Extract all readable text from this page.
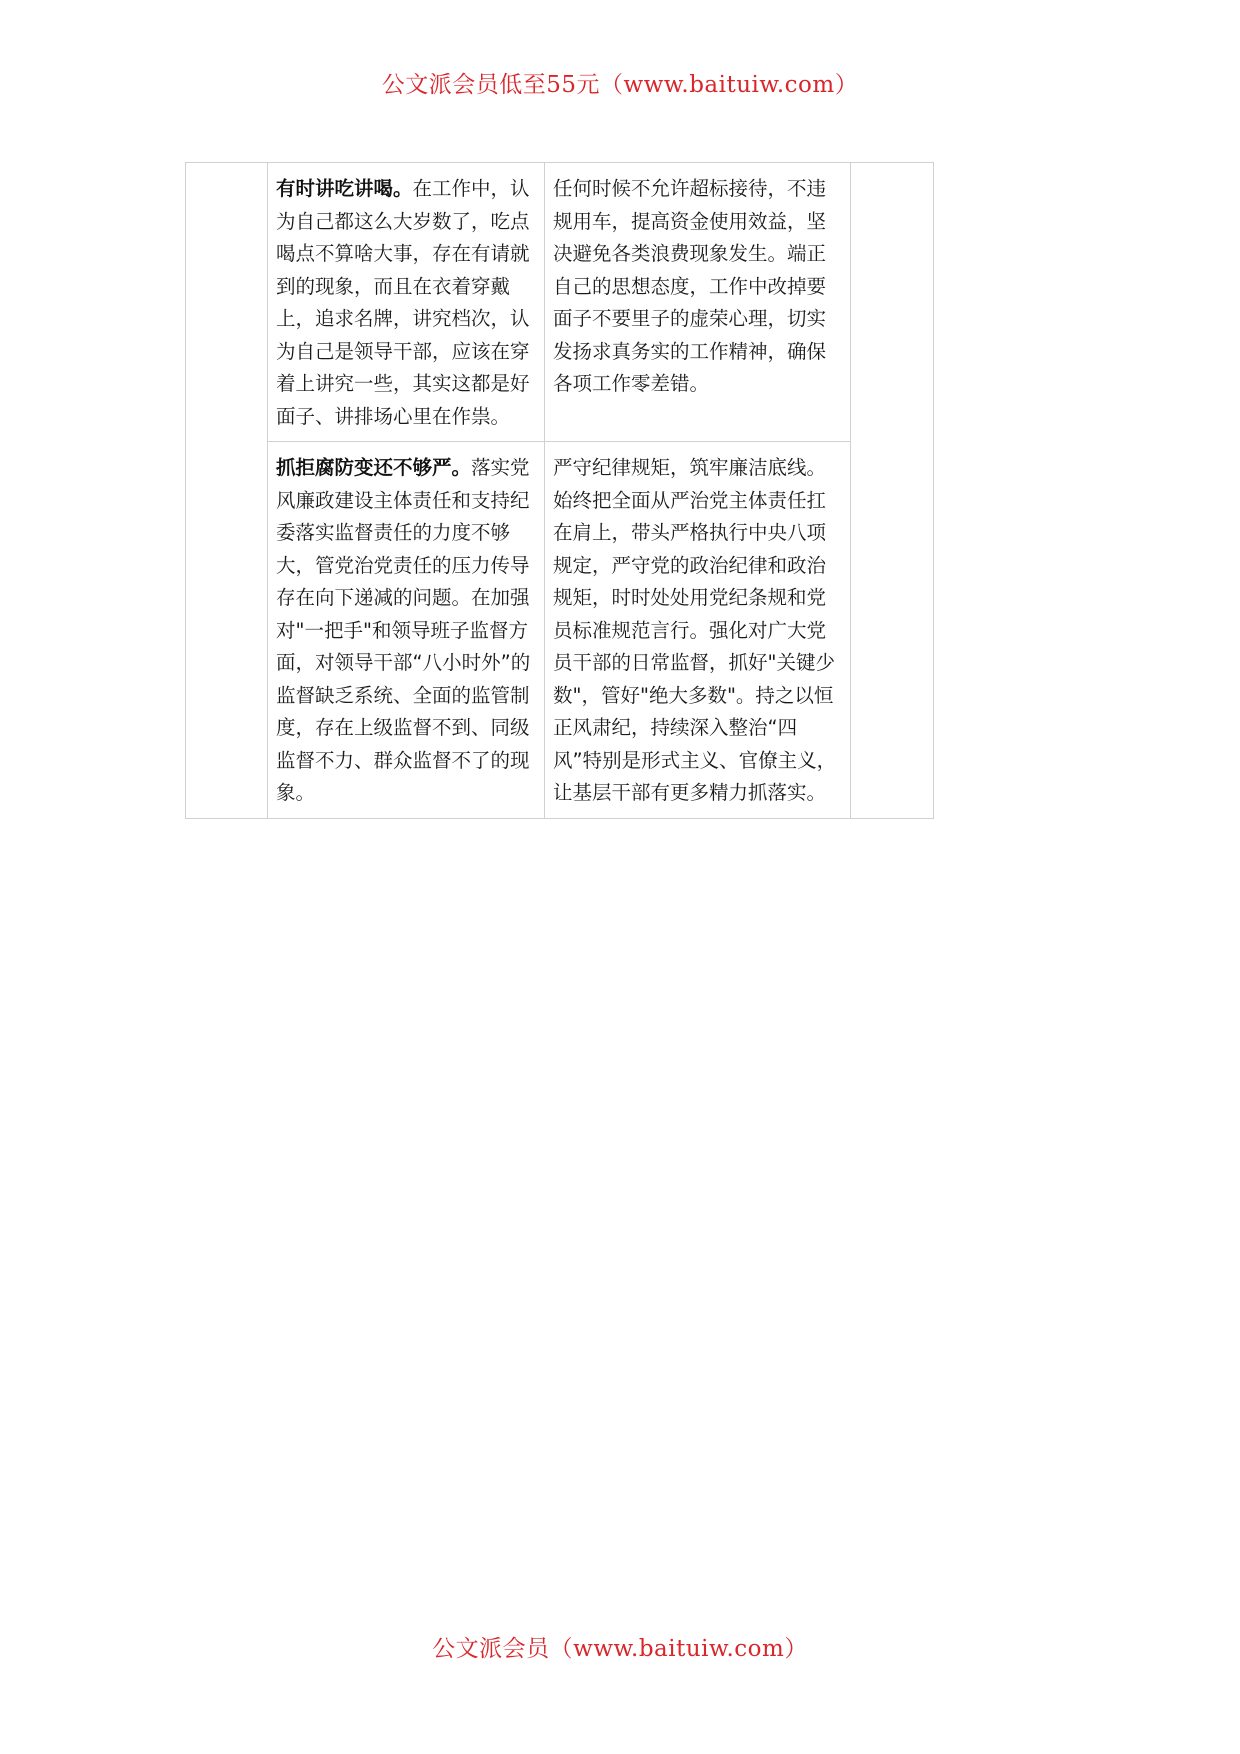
公文派会员低至55元（www.baituiw.com）
	有时讲吃讲喝。在工作中，认为自己都这么大岁数了，吃点喝点不算啥大事，存在有请就到的现象，而且在衣着穿戴上，追求名牌，讲究档次，认为自己是领导干部，应该在穿着上讲究一些，其实这都是好面子、讲排场心里在作祟。	任何时候不允许超标接待，不违规用车，提高资金使用效益，坚决避免各类浪费现象发生。端正自己的思想态度，工作中改掉要面子不要里子的虚荣心理，切实发扬求真务实的工作精神，确保各项工作零差错。	
	抓拒腐防变还不够严。落实党风廉政建设主体责任和支持纪委落实监督责任的力度不够大，管党治党责任的压力传导存在向下递减的问题。在加强对"一把手"和领导班子监督方面，对领导干部“八小时外”的监督缺乏系统、全面的监管制度，存在上级监督不到、同级监督不力、群众监督不了的现象。	严守纪律规矩，筑牢廉洁底线。始终把全面从严治党主体责任扛在肩上，带头严格执行中央八项规定，严守党的政治纪律和政治规矩，时时处处用党纪条规和党员标准规范言行。强化对广大党员干部的日常监督，抓好"关键少数"，管好"绝大多数"。持之以恒正风肃纪，持续深入整治“四风”特别是形式主义、官僚主义，让基层干部有更多精力抓落实。	
公文派会员（www.baituiw.com）
